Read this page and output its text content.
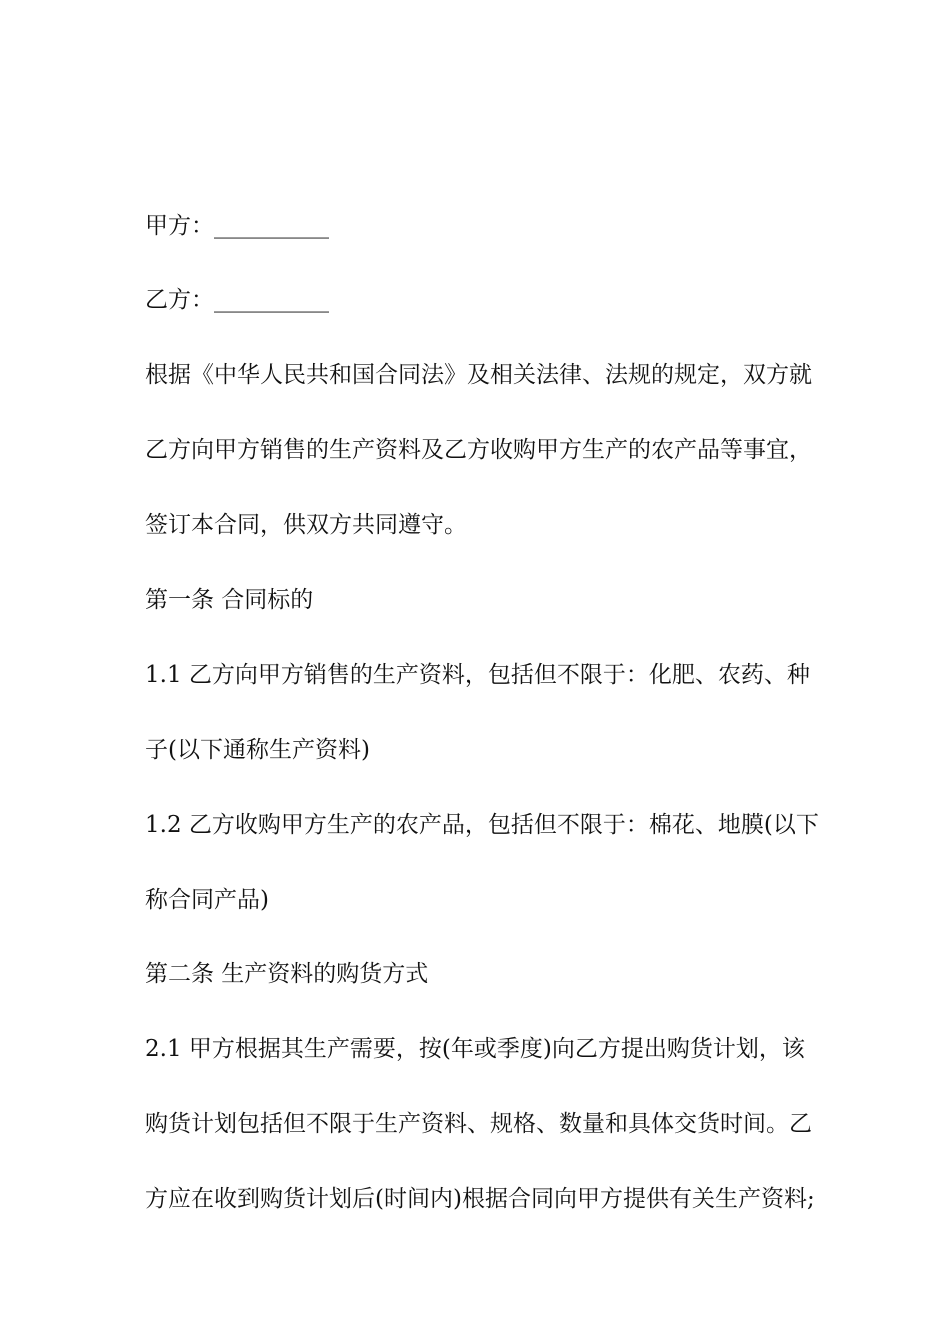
甲方：__________
乙方：__________
根据《中华人民共和国合同法》及相关法律、法规的规定，双方就
乙方向甲方销售的生产资料及乙方收购甲方生产的农产品等事宜，
签订本合同，供双方共同遵守。
第一条 合同标的
1.1 乙方向甲方销售的生产资料，包括但不限于：化肥、农药、种
子(以下通称生产资料)
1.2 乙方收购甲方生产的农产品，包括但不限于：棉花、地膜(以下
称合同产品)
第二条 生产资料的购货方式
2.1 甲方根据其生产需要，按(年或季度)向乙方提出购货计划，该
购货计划包括但不限于生产资料、规格、数量和具体交货时间。乙
方应在收到购货计划后(时间内)根据合同向甲方提供有关生产资料;
